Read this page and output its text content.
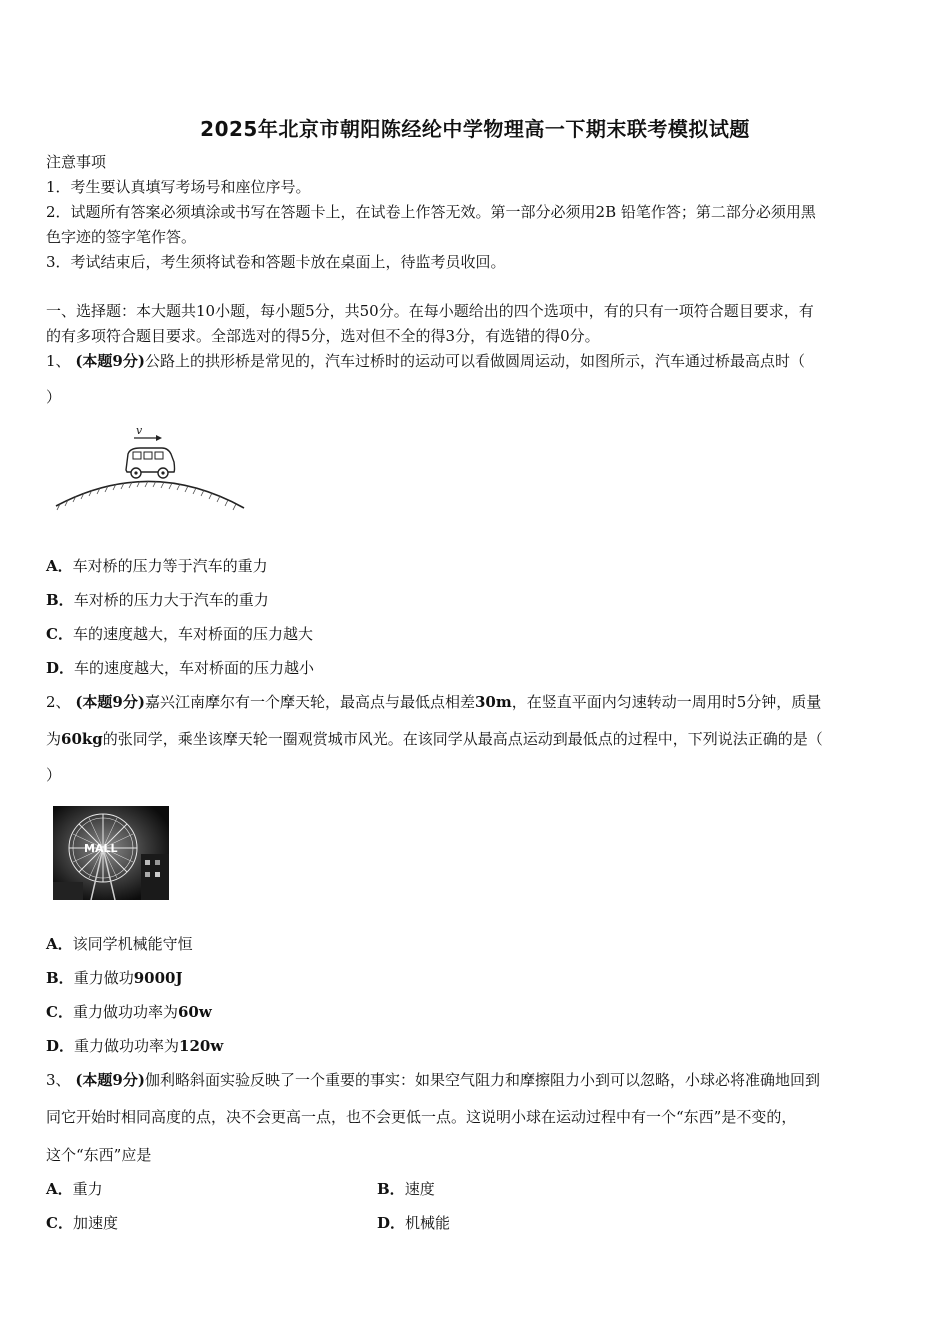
2025年北京市朝阳陈经纶中学物理高一下期末联考模拟试题
注意事项
1．考生要认真填写考场号和座位序号。
2．试题所有答案必须填涂或书写在答题卡上，在试卷上作答无效。第一部分必须用2B 铅笔作答；第二部分必须用黑
色字迹的签字笔作答。
3．考试结束后，考生须将试卷和答题卡放在桌面上，待监考员收回。
一、选择题：本大题共10小题，每小题5分，共50分。在每小题给出的四个选项中，有的只有一项符合题目要求，有
的有多项符合题目要求。全部选对的得5分，选对但不全的得3分，有选错的得0分。
1、 (本题9分)公路上的拱形桥是常见的，汽车过桥时的运动可以看做圆周运动，如图所示，汽车通过桥最高点时（
）
v
A．车对桥的压力等于汽车的重力
B．车对桥的压力大于汽车的重力
C．车的速度越大，车对桥面的压力越大
D．车的速度越大，车对桥面的压力越小
2、 (本题9分)嘉兴江南摩尔有一个摩天轮，最高点与最低点相差30m，在竖直平面内匀速转动一周用时5分钟，质量
为60kg的张同学，乘坐该摩天轮一圈观赏城市风光。在该同学从最高点运动到最低点的过程中，下列说法正确的是（
）
MALL
A．该同学机械能守恒
B．重力做功9000J
C．重力做功功率为60w
D．重力做功功率为120w
3、 (本题9分)伽利略斜面实验反映了一个重要的事实：如果空气阻力和摩擦阻力小到可以忽略，小球必将准确地回到
同它开始时相同高度的点，决不会更高一点，也不会更低一点。这说明小球在运动过程中有一个“东西”是不变的，
这个“东西”应是
A．重力	B．速度
C．加速度	D．机械能
